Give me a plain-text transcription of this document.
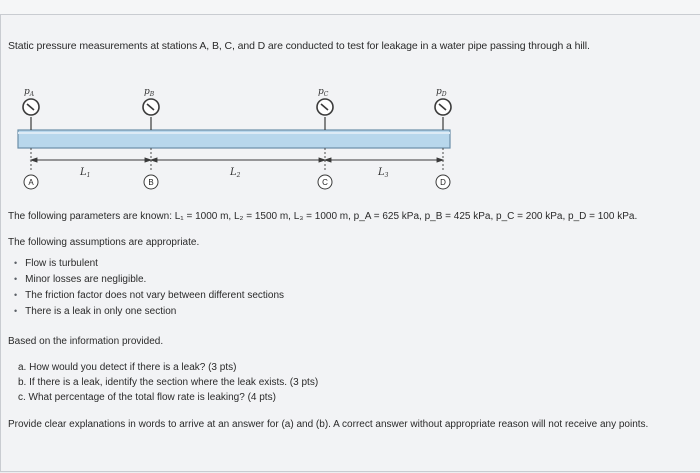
Static pressure measurements at stations A, B, C, and D are conducted to test for leakage in a water pipe passing through a hill.
$p_A$	$p_B$	$p_C$	$p_D$
$L_1$	$L_2$	$L_3$
A	B	C	D

The following parameters are known: L₁ = 1000 m, L₂ = 1500 m, L₃ = 1000 m, p_A = 625 kPa, p_B = 425 kPa, p_C = 200 kPa, p_D = 100 kPa.

The following assumptions are appropriate.

• Flow is turbulent
• Minor losses are negligible.
• The friction factor does not vary between different sections
• There is a leak in only one section

Based on the information provided.

a. How would you detect if there is a leak? (3 pts)
b. If there is a leak, identify the section where the leak exists. (3 pts)
c. What percentage of the total flow rate is leaking? (4 pts)

Provide clear explanations in words to arrive at an answer for (a) and (b). A correct answer without appropriate reason will not receive any points.
